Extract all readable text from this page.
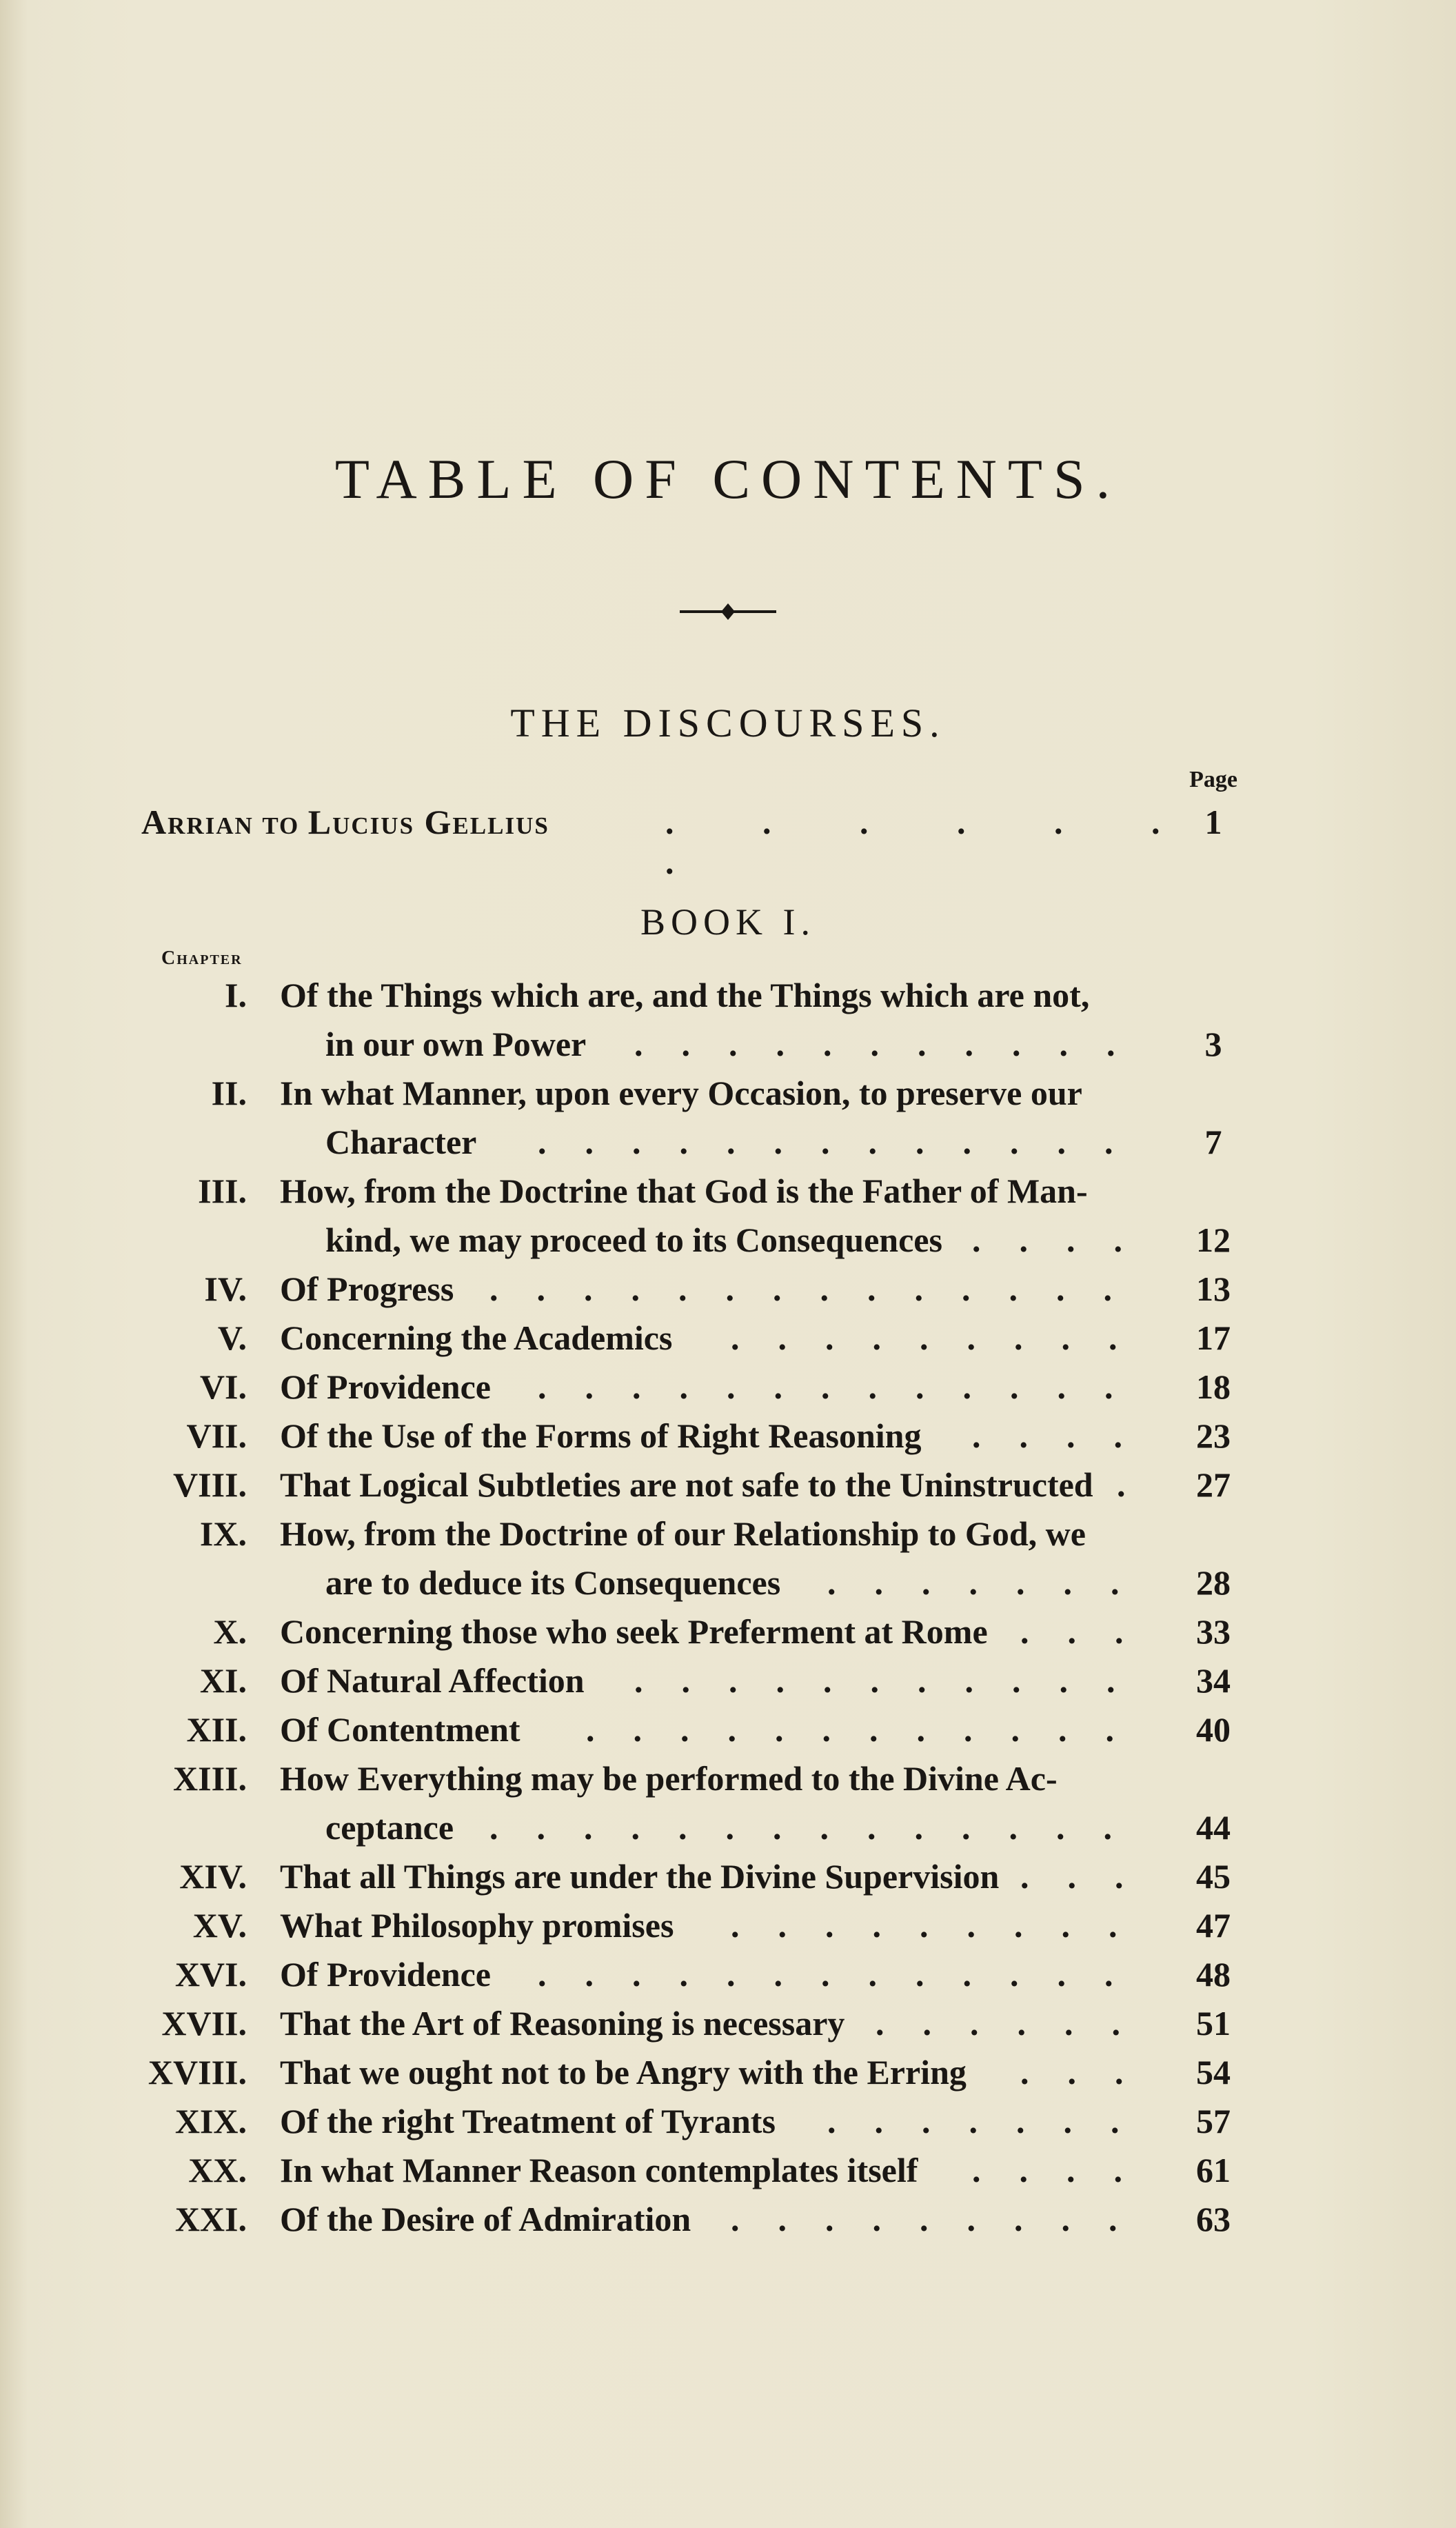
TABLE OF CONTENTS.
THE DISCOURSES.
Page
Arrian to Lucius Gellius	. . . . . . .
1
BOOK I.
Chapter
I. Of the Things which are, and the Things which are not,
in our own Power ...........	3
II. In what Manner, upon every Occasion, to preserve our
Character .............	7
III. How, from the Doctrine that God is the Father of Man-
kind, we may proceed to its Consequences ....	12
IV. Of Progress ..............	13
V. Concerning the Academics .........	17
VI. Of Providence .............	18
VII. Of the Use of the Forms of Right Reasoning ....	23
VIII. That Logical Subtleties are not safe to the Uninstructed . 27
IX. How, from the Doctrine of our Relationship to God, we
are to deduce its Consequences .......	28
X. Concerning those who seek Preferment at Rome ... 33
XI. Of Natural Affection ...........	34
XII. Of Contentment ............	40
XIII. How Everything may be performed to the Divine Ac-
ceptance ..............	44
XIV. That all Things are under the Divine Supervision ... 45
XV. What Philosophy promises .........	47
XVI. Of Providence .............	48
XVII. That the Art of Reasoning is necessary ......	51
XVIII. That we ought not to be Angry with the Erring ... 54
XIX. Of the right Treatment of Tyrants .......	57
XX. In what Manner Reason contemplates itself ....	61
XXI. Of the Desire of Admiration .........	63
